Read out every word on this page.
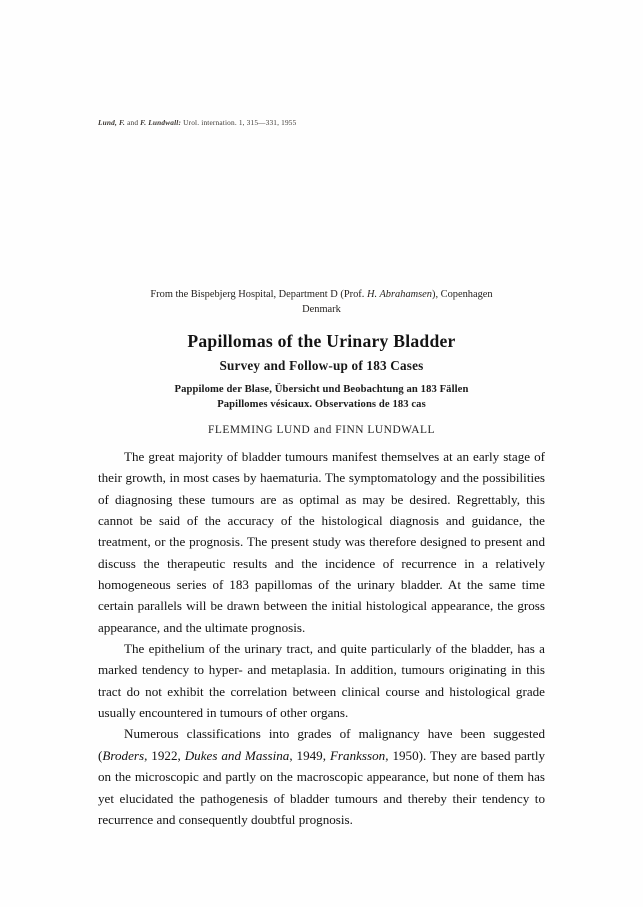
Lund, F. and F. Lundwall: Urol. internation. 1, 315—331, 1955
From the Bispebjerg Hospital, Department D (Prof. H. Abrahamsen), Copenhagen
Denmark
Papillomas of the Urinary Bladder
Survey and Follow-up of 183 Cases
Pappilome der Blase, Übersicht und Beobachtung an 183 Fällen
Papillomes vésicaux. Observations de 183 cas
FLEMMING LUND and FINN LUNDWALL

The great majority of bladder tumours manifest themselves at an early stage of their growth, in most cases by haematuria. The symptomatology and the possibilities of diagnosing these tumours are as optimal as may be desired. Regrettably, this cannot be said of the accuracy of the histological diagnosis and guidance, the treatment, or the prognosis. The present study was therefore designed to present and discuss the therapeutic results and the incidence of recurrence in a relatively homogeneous series of 183 papillomas of the urinary bladder. At the same time certain parallels will be drawn between the initial histological appearance, the gross appearance, and the ultimate prognosis.

The epithelium of the urinary tract, and quite particularly of the bladder, has a marked tendency to hyper- and metaplasia. In addition, tumours originating in this tract do not exhibit the correlation between clinical course and histological grade usually encountered in tumours of other organs.

Numerous classifications into grades of malignancy have been suggested (Broders, 1922, Dukes and Massina, 1949, Franksson, 1950). They are based partly on the microscopic and partly on the macroscopic appearance, but none of them has yet elucidated the pathogenesis of bladder tumours and thereby their tendency to recurrence and consequently doubtful prognosis.
